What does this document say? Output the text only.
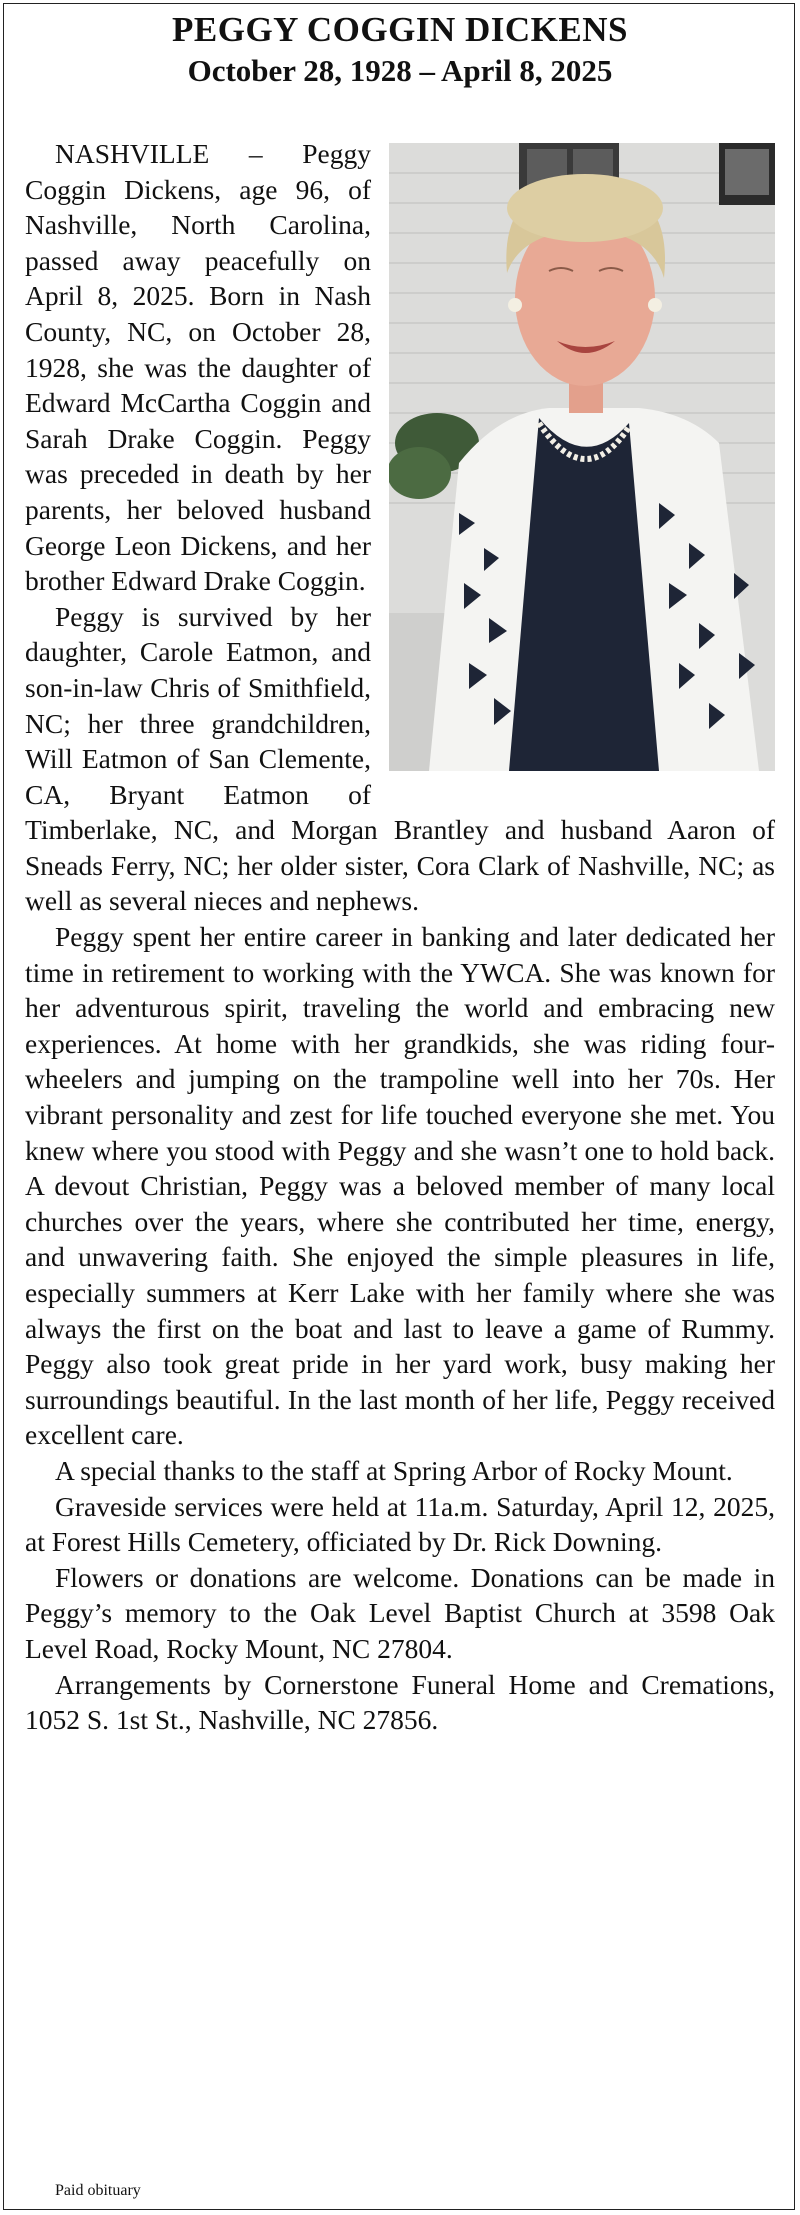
PEGGY COGGIN DICKENS
October 28, 1928 – April 8, 2025

NASHVILLE – Peggy Coggin Dickens, age 96, of Nashville, North Carolina, passed away peacefully on April 8, 2025. Born in Nash County, NC, on October 28, 1928, she was the daughter of Edward McCartha Coggin and Sarah Drake Coggin. Peggy was preceded in death by her parents, her beloved husband George Leon Dickens, and her brother Edward Drake Coggin.

Peggy is survived by her daughter, Carole Eatmon, and son-in-law Chris of Smithfield, NC; her three grandchildren, Will Eatmon of San Clemente, CA, Bryant Eatmon of Timberlake, NC, and Morgan Brantley and husband Aaron of Sneads Ferry, NC; her older sister, Cora Clark of Nashville, NC; as well as several nieces and nephews.

Peggy spent her entire career in banking and later dedicated her time in retirement to working with the YWCA. She was known for her adventurous spirit, traveling the world and embracing new experiences. At home with her grandkids, she was riding four-wheelers and jumping on the trampoline well into her 70s. Her vibrant personality and zest for life touched everyone she met. You knew where you stood with Peggy and she wasn’t one to hold back. A devout Christian, Peggy was a beloved member of many local churches over the years, where she contributed her time, energy, and unwavering faith. She enjoyed the simple pleasures in life, especially summers at Kerr Lake with her family where she was always the first on the boat and last to leave a game of Rummy. Peggy also took great pride in her yard work, busy making her surroundings beautiful. In the last month of her life, Peggy received excellent care.

A special thanks to the staff at Spring Arbor of Rocky Mount.

Graveside services were held at 11a.m. Saturday, April 12, 2025, at Forest Hills Cemetery, officiated by Dr. Rick Downing.

Flowers or donations are welcome. Donations can be made in Peggy’s memory to the Oak Level Baptist Church at 3598 Oak Level Road, Rocky Mount, NC 27804.

Arrangements by Cornerstone Funeral Home and Cremations, 1052 S. 1st St., Nashville, NC 27856.

Paid obituary
